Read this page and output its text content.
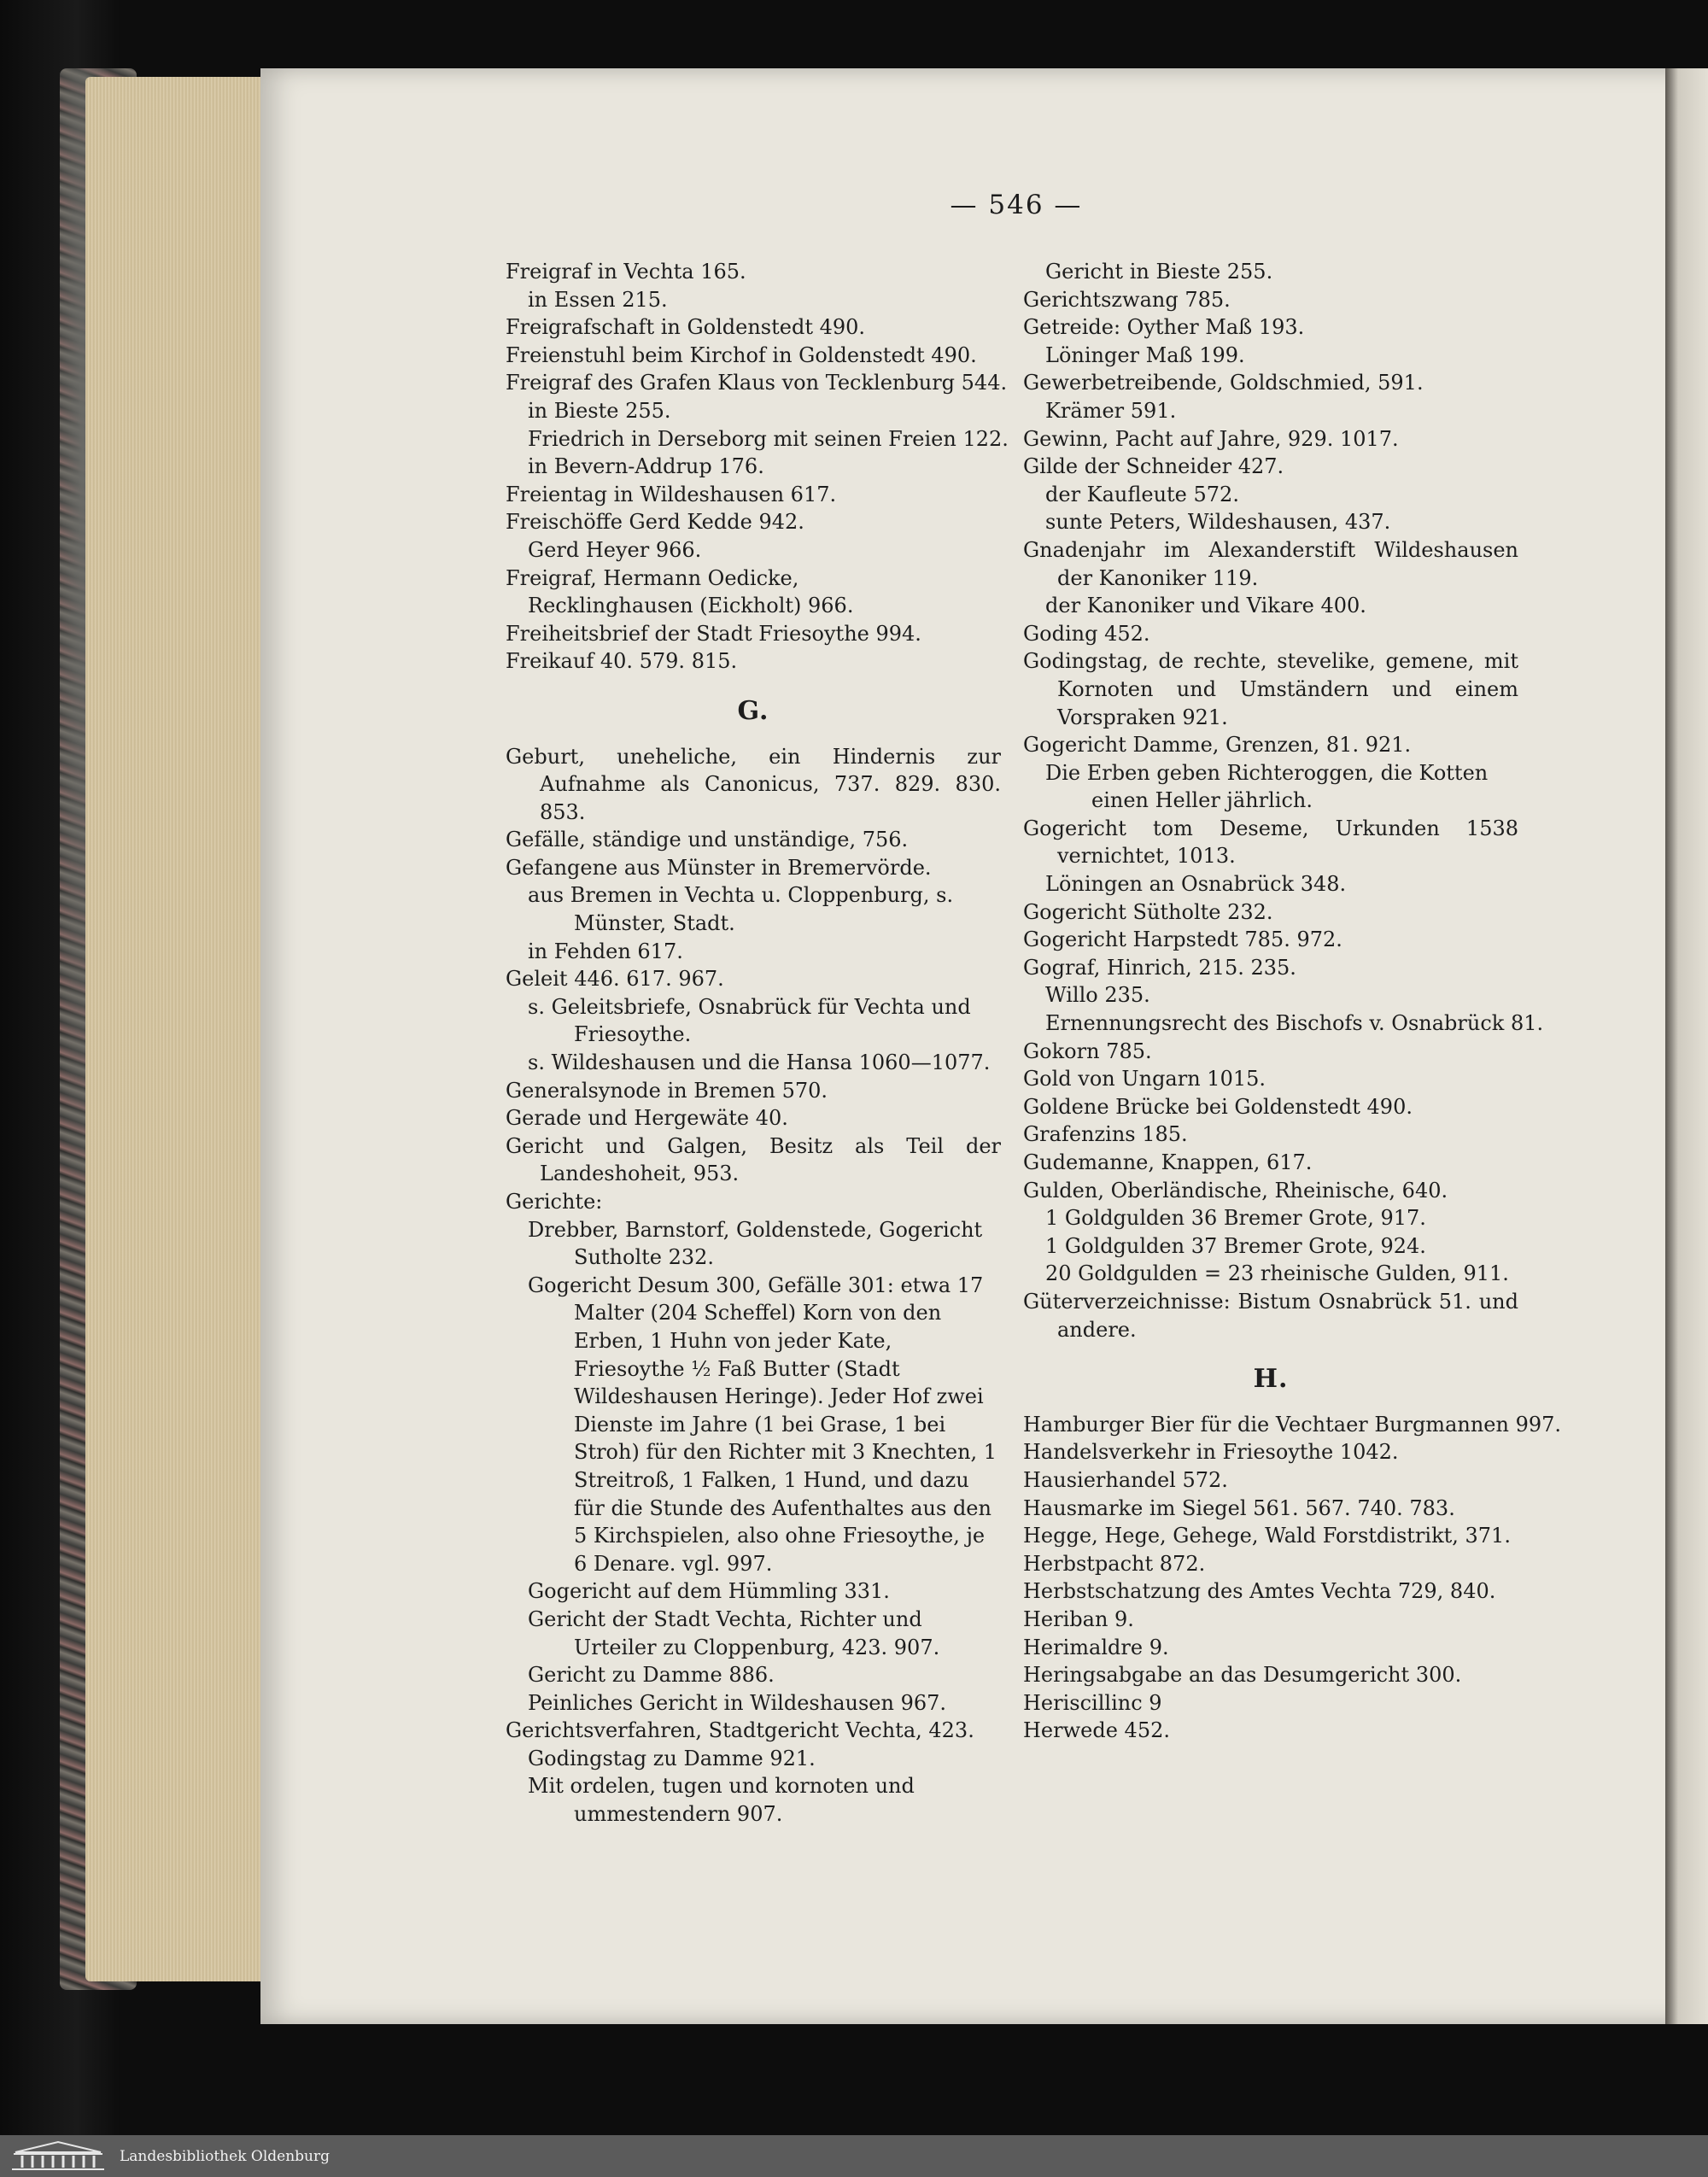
— 546 —
Freigraf in Vechta 165.
in Essen 215.
Freigrafschaft in Goldenstedt 490.
Freienstuhl beim Kirchof in Goldenstedt 490.
Freigraf des Grafen Klaus von Tecklenburg 544.
in Bieste 255.
Friedrich in Derseborg mit seinen Freien 122.
in Bevern-Addrup 176.
Freientag in Wildeshausen 617.
Freischöffe Gerd Kedde 942.
Gerd Heyer 966.
Freigraf, Hermann Oedicke,
Recklinghausen (Eickholt) 966.
Freiheitsbrief der Stadt Friesoythe 994.
Freikauf 40. 579. 815.
G.
Geburt, uneheliche, ein Hindernis zur Aufnahme als Canonicus, 737. 829. 830. 853.
Gefälle, ständige und unständige, 756.
Gefangene aus Münster in Bremervörde.
aus Bremen in Vechta u. Cloppenburg, s. Münster, Stadt.
in Fehden 617.
Geleit 446. 617. 967.
s. Geleitsbriefe, Osnabrück für Vechta und Friesoythe.
s. Wildeshausen und die Hansa 1060—1077.
Generalsynode in Bremen 570.
Gerade und Hergewäte 40.
Gericht und Galgen, Besitz als Teil der Landeshoheit, 953.
Gerichte:
Drebber, Barnstorf, Goldenstede, Gogericht Sutholte 232.
Gogericht Desum 300, Gefälle 301: etwa 17 Malter (204 Scheffel) Korn von den Erben, 1 Huhn von jeder Kate, Friesoythe ½ Faß Butter (Stadt Wildeshausen Heringe). Jeder Hof zwei Dienste im Jahre (1 bei Grase, 1 bei Stroh) für den Richter mit 3 Knechten, 1 Streitroß, 1 Falken, 1 Hund, und dazu für die Stunde des Aufenthaltes aus den 5 Kirchspielen, also ohne Friesoythe, je 6 Denare. vgl. 997.
Gogericht auf dem Hümmling 331.
Gericht der Stadt Vechta, Richter und Urteiler zu Cloppenburg, 423. 907.
Gericht zu Damme 886.
Peinliches Gericht in Wildeshausen 967.
Gerichtsverfahren, Stadtgericht Vechta, 423.
Godingstag zu Damme 921.
Mit ordelen, tugen und kornoten und ummestendern 907.
Gericht in Bieste 255.
Gerichtszwang 785.
Getreide: Oyther Maß 193.
Löninger Maß 199.
Gewerbetreibende, Goldschmied, 591.
Krämer 591.
Gewinn, Pacht auf Jahre, 929. 1017.
Gilde der Schneider 427.
der Kaufleute 572.
sunte Peters, Wildeshausen, 437.
Gnadenjahr im Alexanderstift Wildeshausen der Kanoniker 119.
der Kanoniker und Vikare 400.
Goding 452.
Godingstag, de rechte, stevelike, gemene, mit Kornoten und Umständern und einem Vorspraken 921.
Gogericht Damme, Grenzen, 81. 921.
Die Erben geben Richteroggen, die Kotten einen Heller jährlich.
Gogericht tom Deseme, Urkunden 1538 vernichtet, 1013.
Löningen an Osnabrück 348.
Gogericht Sütholte 232.
Gogericht Harpstedt 785. 972.
Gograf, Hinrich, 215. 235.
Willo 235.
Ernennungsrecht des Bischofs v. Osnabrück 81.
Gokorn 785.
Gold von Ungarn 1015.
Goldene Brücke bei Goldenstedt 490.
Grafenzins 185.
Gudemanne, Knappen, 617.
Gulden, Oberländische, Rheinische, 640.
1 Goldgulden 36 Bremer Grote, 917.
1 Goldgulden 37 Bremer Grote, 924.
20 Goldgulden = 23 rheinische Gulden, 911.
Güterverzeichnisse: Bistum Osnabrück 51. und andere.
H.
Hamburger Bier für die Vechtaer Burgmannen 997.
Handelsverkehr in Friesoythe 1042.
Hausierhandel 572.
Hausmarke im Siegel 561. 567. 740. 783.
Hegge, Hege, Gehege, Wald Forstdistrikt, 371.
Herbstpacht 872.
Herbstschatzung des Amtes Vechta 729, 840.
Heriban 9.
Herimaldre 9.
Heringsabgabe an das Desumgericht 300.
Heriscillinc 9
Herwede 452.
Landesbibliothek Oldenburg
